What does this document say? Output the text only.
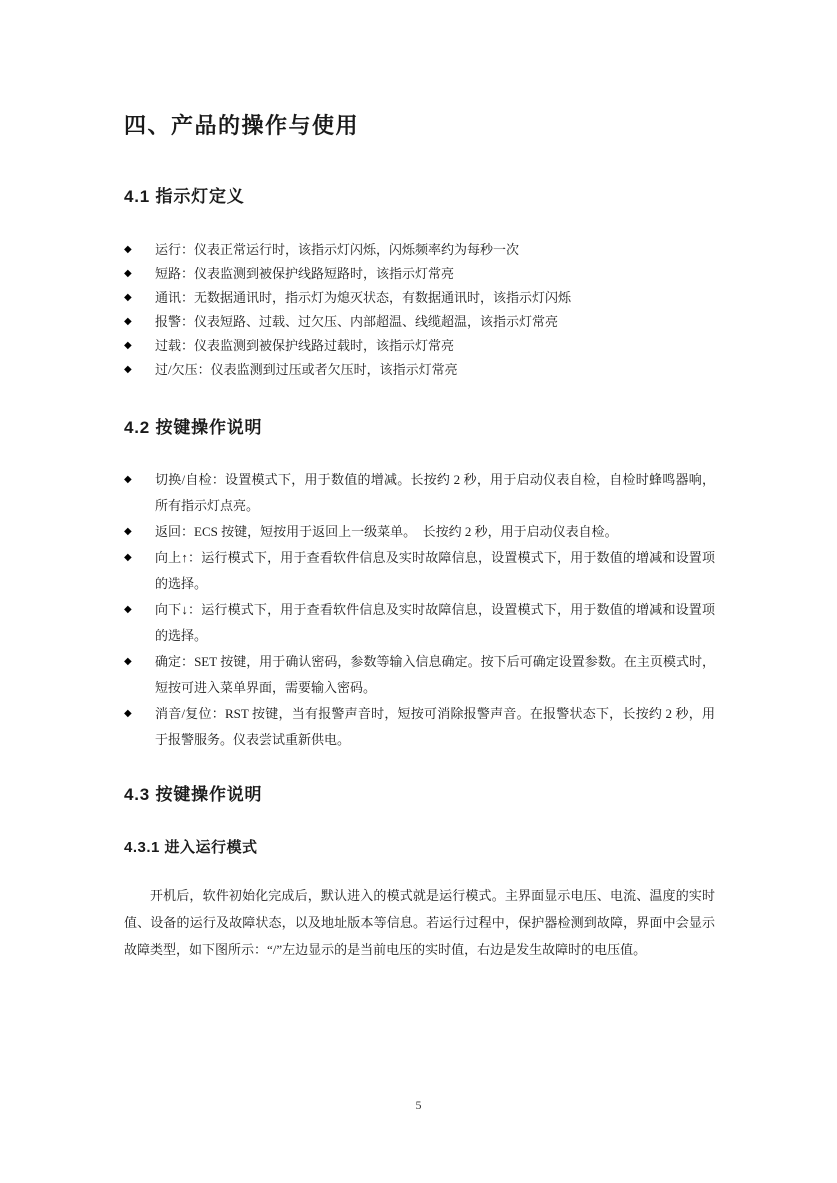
四、产品的操作与使用
4.1 指示灯定义
◆	运行：仪表正常运行时，该指示灯闪烁，闪烁频率约为每秒一次
◆	短路：仪表监测到被保护线路短路时，该指示灯常亮
◆	通讯：无数据通讯时，指示灯为熄灭状态，有数据通讯时，该指示灯闪烁
◆	报警：仪表短路、过载、过欠压、内部超温、线缆超温，该指示灯常亮
◆	过载：仪表监测到被保护线路过载时，该指示灯常亮
◆	过/欠压：仪表监测到过压或者欠压时，该指示灯常亮
4.2 按键操作说明
◆	切换/自检：设置模式下，用于数值的增减。长按约 2 秒，用于启动仪表自检，自检时蜂鸣器响，所有指示灯点亮。
◆	返回：ECS 按键，短按用于返回上一级菜单。　长按约 2 秒，用于启动仪表自检。
◆	向上↑：运行模式下，用于查看软件信息及实时故障信息，设置模式下，用于数值的增减和设置项的选择。
◆	向下↓：运行模式下，用于查看软件信息及实时故障信息，设置模式下，用于数值的增减和设置项的选择。
◆	确定：SET 按键，用于确认密码，参数等输入信息确定。按下后可确定设置参数。在主页模式时，短按可进入菜单界面，需要输入密码。
◆	消音/复位：RST 按键，当有报警声音时，短按可消除报警声音。在报警状态下，长按约 2 秒，用于报警服务。仪表尝试重新供电。
4.3 按键操作说明
4.3.1 进入运行模式

开机后，软件初始化完成后，默认进入的模式就是运行模式。主界面显示电压、电流、温度的实时值、设备的运行及故障状态，以及地址版本等信息。若运行过程中，保护器检测到故障，界面中会显示故障类型，如下图所示：“/”左边显示的是当前电压的实时值，右边是发生故障时的电压值。

5
